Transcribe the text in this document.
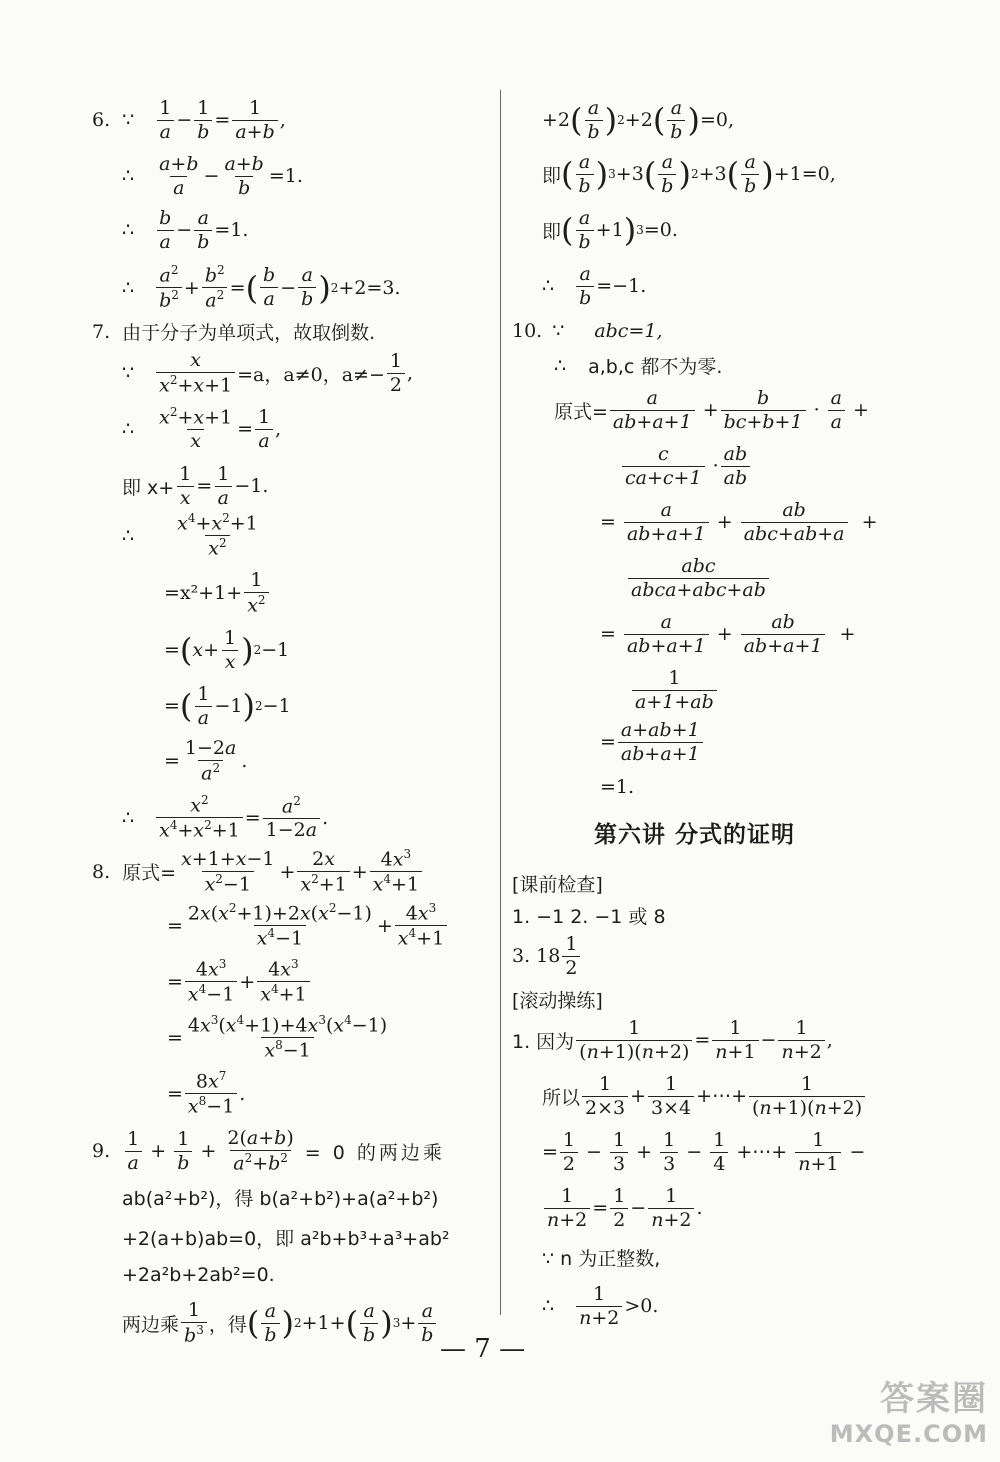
6. ∵ $\frac{1}{a} - \frac{1}{b} = \frac{1}{a+b}$ ,
∴ $\frac{a+b}{a} - \frac{a+b}{b} =1$.
∴ $\frac{b}{a} - \frac{a}{b} =1$.
∴ $\frac{a^2}{b^2} + \frac{b^2}{a^2}$ = ( $\frac{b}{a} - \frac{a}{b}$ ) 2 +2=3.
7. 由于分子为单项式，故取倒数.
∵ $\frac{x}{x^2+x+1} =a$，a≠0，$a\ne- \frac{1}{2}$ ,
∴ $\frac{x^2+x+1}{x} = \frac{1}{a}$ ,
即 $x+ \frac{1}{x} = \frac{1}{a} -1$.
∴ $\frac{x^4+x^2+1}{x^2}$
$=x^2+1+ \frac{1}{x^2}$
= ( $x + \frac{1}{x}$ ) 2 −1
= ( $\frac{1}{a} -1$ ) 2 −1
= $\frac{1-2a}{a^2}$ .
∴ $\frac{x^2}{x^4+x^2+1} = \frac{a^2}{1-2a}$ .
8. 原式= $\frac{x+1+x-1}{x^2-1} + \frac{2x}{x^2+1} + \frac{4x^3}{x^4+1}$
= $\frac{2x(x^2+1)+2x(x^2-1)}{x^4-1} + \frac{4x^3}{x^4+1}$
= $\frac{4x^3}{x^4-1} + \frac{4x^3}{x^4+1}$
= $\frac{4x^3(x^4+1)+4x^3(x^4-1)}{x^8-1}$
= $\frac{8x^7}{x^8-1}$ .
9. $\frac{1}{a} + \frac{1}{b} + \frac{2(a+b)}{a^2+b^2} = 0$ 的两边乘
ab(a²+b²)，得 b(a²+b²)+a(a²+b²)
+2(a+b)ab=0，即 a²b+b³+a³+ab²
+2a²b+2ab²=0.
两边乘 $\frac{1}{b^3}$ ，得 ( $\frac{a}{b}$ ) 2 +1+ ( $\frac{a}{b}$ ) $3 + \frac{a}{b}$
+2 ( $\frac{a}{b}$ ) 2 +2 ( $\frac{a}{b}$ ) =0,
即 ( $\frac{a}{b}$ ) 3 +3 ( $\frac{a}{b}$ ) 2 +3 ( $\frac{a}{b}$ ) +1=0,
即 ( $\frac{a}{b} +1$ ) 3 =0.
∴ $\frac{a}{b} =-1$.
10. ∵ abc=1,
∴ a,b,c 都不为零.
原式= $\frac{a}{ab+a+1} + \frac{b}{bc+b+1} \cdot \frac{a}{a}$ +
$\frac{c}{ca+c+1} \cdot \frac{ab}{ab}$
= $\frac{a}{ab+a+1} + \frac{ab}{\text{abc+ab+a}}$ +
$\frac{\text{abc}}{\text{abca+abc+ab}}$
= $\frac{a}{ab+a+1} + \frac{ab}{ab+a+1}$ +
$\frac{1}{a+1+ab}$
= $\frac{a+ab+1}{ab+a+1}$
=1.
第六讲 分式的证明
[课前检查]
1. −1 2. −1 或 8
3. $18 \frac{1}{2}$
[滚动操练]
1. 因为 $\frac{1}{(n+1)(n+2)} = \frac{1}{n+1} - \frac{1}{n+2}$ ,
所以 $\frac{1}{2\times 3} + \frac{1}{3\times 4}$ +⋯+ $\frac{1}{(n+1)(n+2)}$
= $\frac{1}{2} - \frac{1}{3} + \frac{1}{3} - \frac{1}{4}$ +⋯+ $\frac{1}{n+1}$ −
$\frac{1}{n+2} = \frac{1}{2} - \frac{1}{n+2}$ .
∵ n 为正整数,
∴ $\frac{1}{n+2} >0$.
— 7 —
答案圈
MXQE.COM
